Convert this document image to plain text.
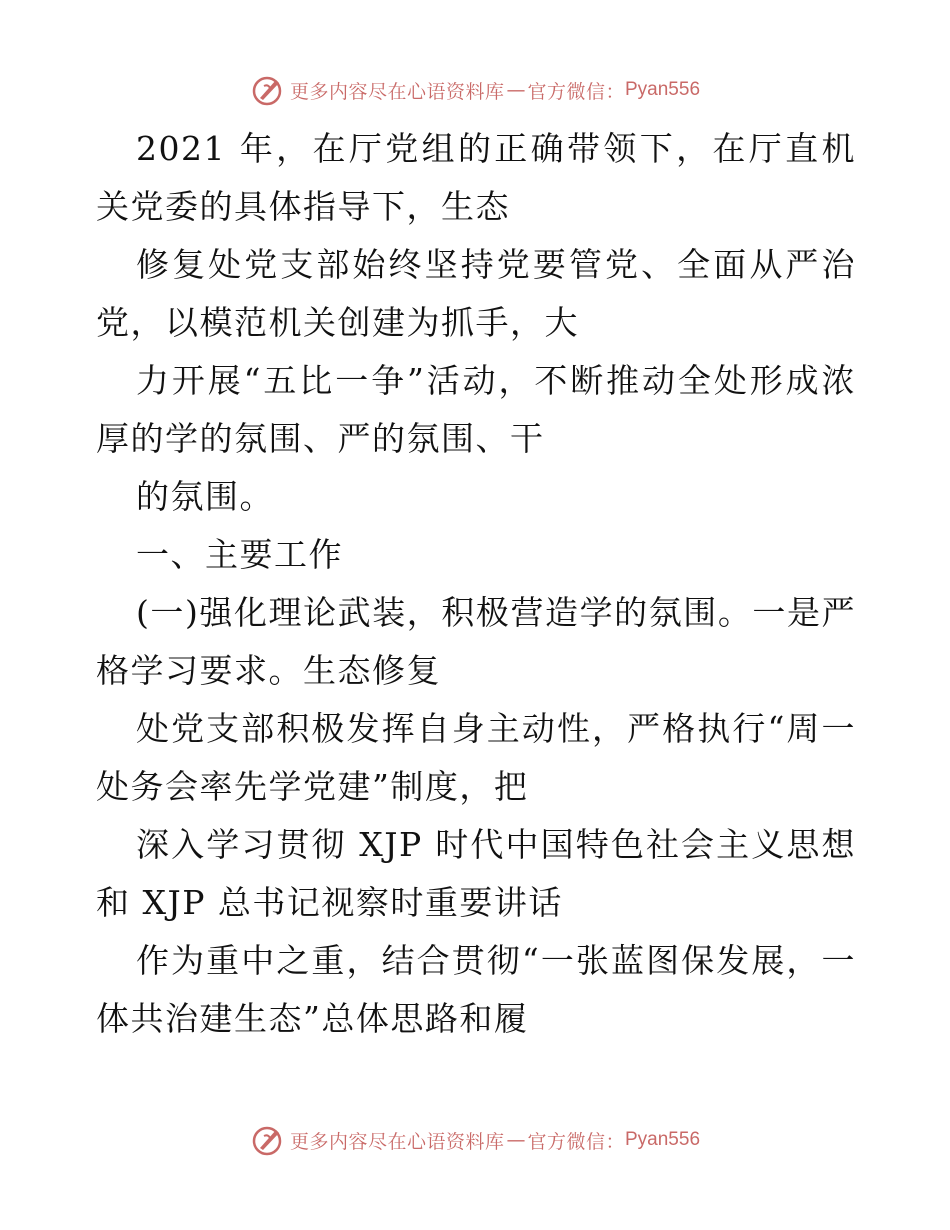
更多内容尽在心语资料库 — 官方微信： Pyan556

2021 年，在厅党组的正确带领下，在厅直机关党委的具体指导下，生态

修复处党支部始终坚持党要管党、全面从严治党，以模范机关创建为抓手，大

力开展“五比一争”活动，不断推动全处形成浓厚的学的氛围、严的氛围、干

的氛围。

一、主要工作

(一)强化理论武装，积极营造学的氛围。一是严格学习要求。生态修复

处党支部积极发挥自身主动性，严格执行“周一处务会率先学党建”制度，把

深入学习贯彻 XJP 时代中国特色社会主义思想和 XJP 总书记视察时重要讲话

作为重中之重，结合贯彻“一张蓝图保发展，一体共治建生态”总体思路和履

更多内容尽在心语资料库 — 官方微信： Pyan556
